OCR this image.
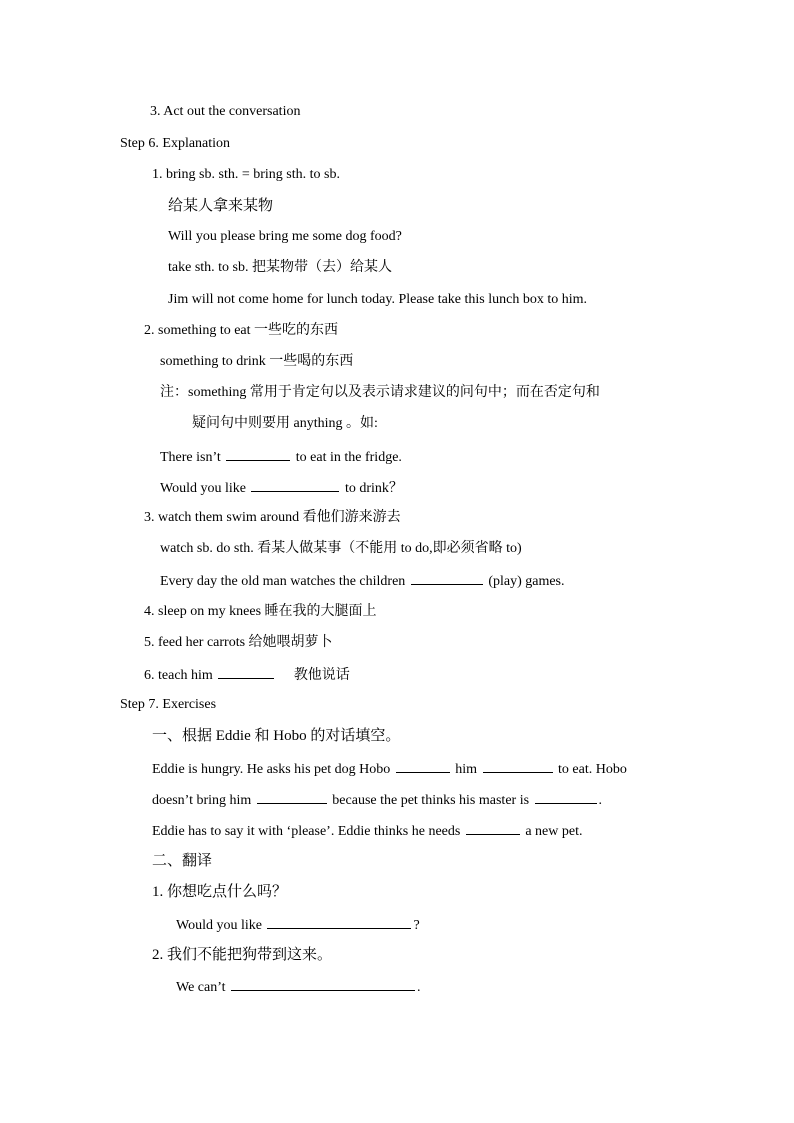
3. Act out the conversation
Step 6. Explanation
1. bring sb. sth. = bring sth. to sb.
给某人拿来某物
Will you please bring me some dog food?
take sth. to sb. 把某物带（去）给某人
Jim will not come home for lunch today. Please take this lunch box to him.
2. something to eat 一些吃的东西
something to drink 一些喝的东西
注：something 常用于肯定句以及表示请求建议的问句中；而在否定句和
疑问句中则要用 anything 。如:
There isn’t	to eat in the fridge.
Would you like	to drink？
3. watch them swim around 看他们游来游去
watch sb. do sth. 看某人做某事（不能用 to do,即必须省略 to)
Every day the old man watches the children	(play) games.
4. sleep on my knees 睡在我的大腿面上
5. feed her carrots 给她喂胡萝卜
6. teach him	教他说话
Step 7. Exercises
一、根据 Eddie 和 Hobo 的对话填空。
Eddie is hungry. He asks his pet dog Hobo	him	to eat. Hobo
doesn’t bring him	because the pet thinks his master is	.
Eddie has to say it with ‘please’. Eddie thinks he needs	a new pet.
二、翻译
1. 你想吃点什么吗？
Would you like	?
2. 我们不能把狗带到这来。
We can’t	.
